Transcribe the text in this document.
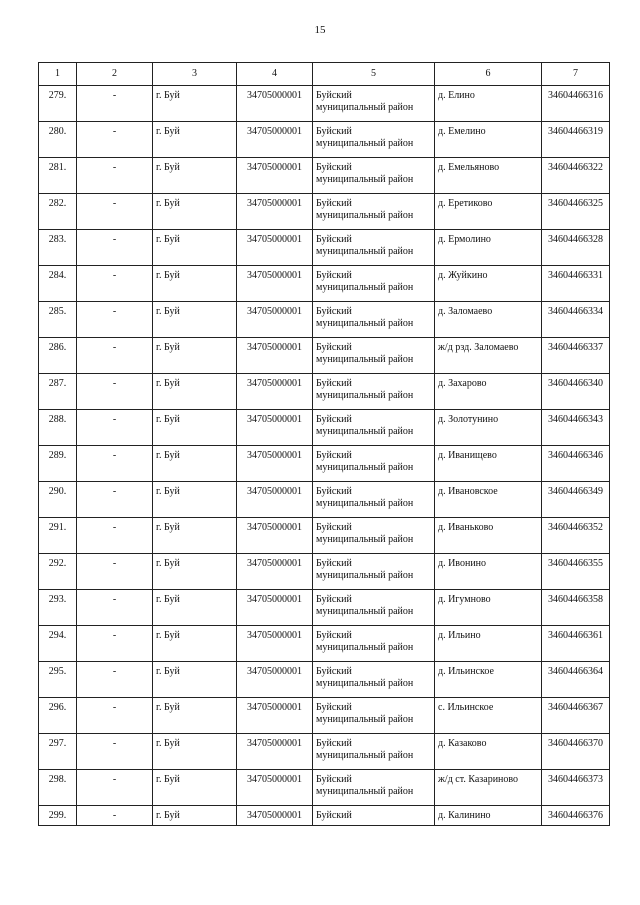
15
1	2	3	4	5	6	7
279.	-	г. Буй	34705000001	Буйский
муниципальный район	д. Елино	34604466316
280.	-	г. Буй	34705000001	Буйский
муниципальный район	д. Емелино	34604466319
281.	-	г. Буй	34705000001	Буйский
муниципальный район	д. Емельяново	34604466322
282.	-	г. Буй	34705000001	Буйский
муниципальный район	д. Еретиково	34604466325
283.	-	г. Буй	34705000001	Буйский
муниципальный район	д. Ермолино	34604466328
284.	-	г. Буй	34705000001	Буйский
муниципальный район	д. Жуйкино	34604466331
285.	-	г. Буй	34705000001	Буйский
муниципальный район	д. Заломаево	34604466334
286.	-	г. Буй	34705000001	Буйский
муниципальный район	ж/д рзд. Заломаево	34604466337
287.	-	г. Буй	34705000001	Буйский
муниципальный район	д. Захарово	34604466340
288.	-	г. Буй	34705000001	Буйский
муниципальный район	д. Золотунино	34604466343
289.	-	г. Буй	34705000001	Буйский
муниципальный район	д. Иванищево	34604466346
290.	-	г. Буй	34705000001	Буйский
муниципальный район	д. Ивановское	34604466349
291.	-	г. Буй	34705000001	Буйский
муниципальный район	д. Иваньково	34604466352
292.	-	г. Буй	34705000001	Буйский
муниципальный район	д. Ивонино	34604466355
293.	-	г. Буй	34705000001	Буйский
муниципальный район	д. Игумново	34604466358
294.	-	г. Буй	34705000001	Буйский
муниципальный район	д. Ильино	34604466361
295.	-	г. Буй	34705000001	Буйский
муниципальный район	д. Ильинское	34604466364
296.	-	г. Буй	34705000001	Буйский
муниципальный район	с. Ильинское	34604466367
297.	-	г. Буй	34705000001	Буйский
муниципальный район	д. Казаково	34604466370
298.	-	г. Буй	34705000001	Буйский
муниципальный район	ж/д ст. Казариново	34604466373
299.	-	г. Буй	34705000001	Буйский	д. Калинино	34604466376
